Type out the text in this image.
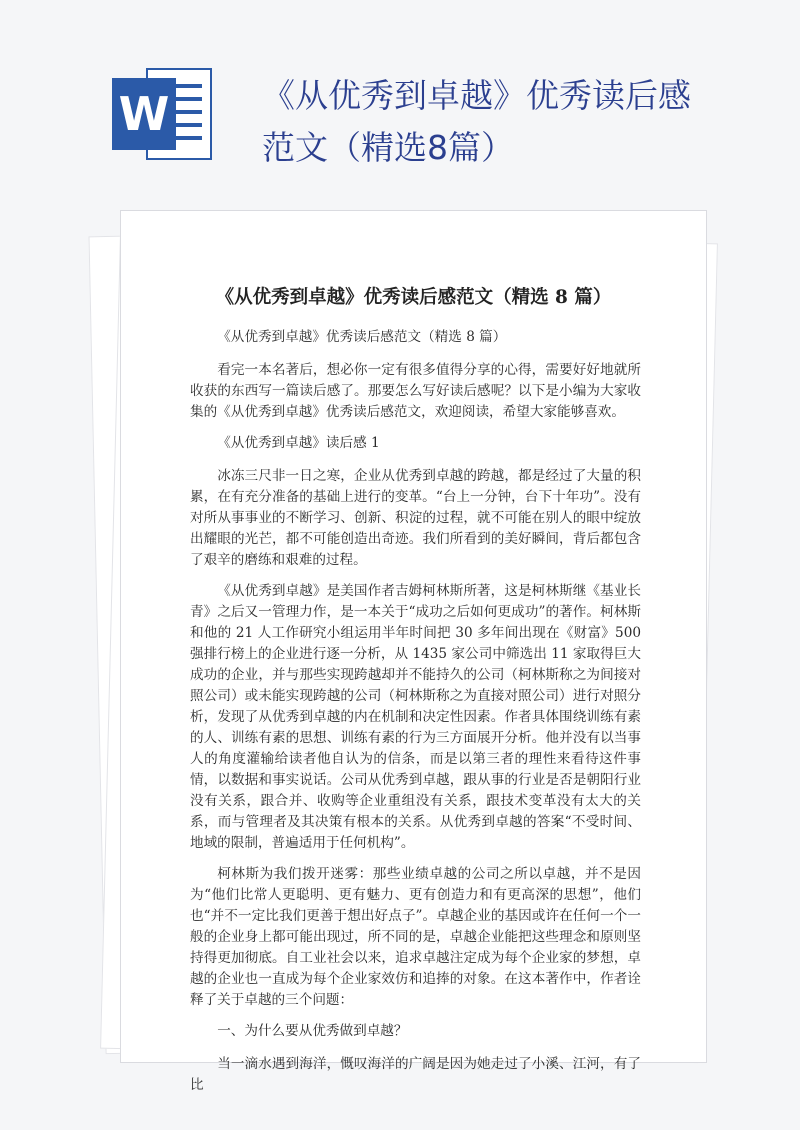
W	《从优秀到卓越》优秀读后感范文（精选8篇）
《从优秀到卓越》优秀读后感范文（精选 8 篇）

《从优秀到卓越》优秀读后感范文（精选 8 篇）

看完一本名著后，想必你一定有很多值得分享的心得，需要好好地就所收获的东西写一篇读后感了。那要怎么写好读后感呢？以下是小编为大家收集的《从优秀到卓越》优秀读后感范文，欢迎阅读，希望大家能够喜欢。

《从优秀到卓越》读后感 1

冰冻三尺非一日之寒，企业从优秀到卓越的跨越，都是经过了大量的积累，在有充分准备的基础上进行的变革。“台上一分钟，台下十年功”。没有对所从事事业的不断学习、创新、积淀的过程，就不可能在别人的眼中绽放出耀眼的光芒，都不可能创造出奇迹。我们所看到的美好瞬间，背后都包含了艰辛的磨练和艰难的过程。

《从优秀到卓越》是美国作者吉姆柯林斯所著，这是柯林斯继《基业长青》之后又一管理力作，是一本关于“成功之后如何更成功”的著作。柯林斯和他的 21 人工作研究小组运用半年时间把 30 多年间出现在《财富》500 强排行榜上的企业进行逐一分析，从 1435 家公司中筛选出 11 家取得巨大成功的企业，并与那些实现跨越却并不能持久的公司（柯林斯称之为间接对照公司）或未能实现跨越的公司（柯林斯称之为直接对照公司）进行对照分析，发现了从优秀到卓越的内在机制和决定性因素。作者具体围绕训练有素的人、训练有素的思想、训练有素的行为三方面展开分析。他并没有以当事人的角度灌输给读者他自认为的信条，而是以第三者的理性来看待这件事情，以数据和事实说话。公司从优秀到卓越，跟从事的行业是否是朝阳行业没有关系，跟合并、收购等企业重组没有关系，跟技术变革没有太大的关系，而与管理者及其决策有根本的关系。从优秀到卓越的答案“不受时间、地域的限制，普遍适用于任何机构”。

柯林斯为我们拨开迷雾：那些业绩卓越的公司之所以卓越，并不是因为“他们比常人更聪明、更有魅力、更有创造力和有更高深的思想”，他们也“并不一定比我们更善于想出好点子”。卓越企业的基因或许在任何一个一般的企业身上都可能出现过，所不同的是，卓越企业能把这些理念和原则坚持得更加彻底。自工业社会以来，追求卓越注定成为每个企业家的梦想，卓越的企业也一直成为每个企业家效仿和追捧的对象。在这本著作中，作者诠释了关于卓越的三个问题：

一、为什么要从优秀做到卓越？

当一滴水遇到海洋，慨叹海洋的广阔是因为她走过了小溪、江河，有了比
